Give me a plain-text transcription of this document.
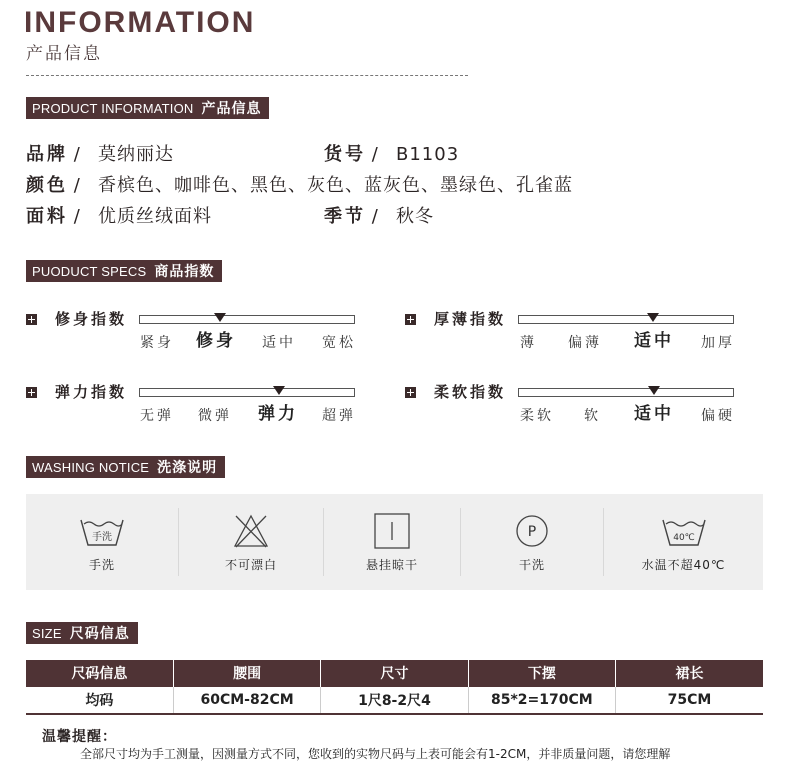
INFORMATION
产品信息
PRODUCT INFORMATION 产品信息
品牌 / 莫纳丽达	货号 / B1103
颜色 / 香槟色、咖啡色、黑色、灰色、蓝灰色、墨绿色、孔雀蓝
面料 / 优质丝绒面料	季节 / 秋冬
PUODUCT SPECS 商品指数
修身指数
紧身 修身 适中 宽松
厚薄指数
薄 偏薄 适中 加厚
弹力指数
无弹 微弹 弹力 超弹
柔软指数
柔软 软 适中 偏硬
WASHING NOTICE 洗涤说明
手洗
手洗	不可漂白	悬挂晾干
P
干洗
40℃
水温不超40℃
SIZE 尺码信息
尺码信息	腰围	尺寸	下摆	裙长
均码	60CM-82CM	1尺8-2尺4	85*2=170CM	75CM
温馨提醒：
全部尺寸均为手工测量，因测量方式不同，您收到的实物尺码与上表可能会有1-2CM，并非质量问题，请您理解
